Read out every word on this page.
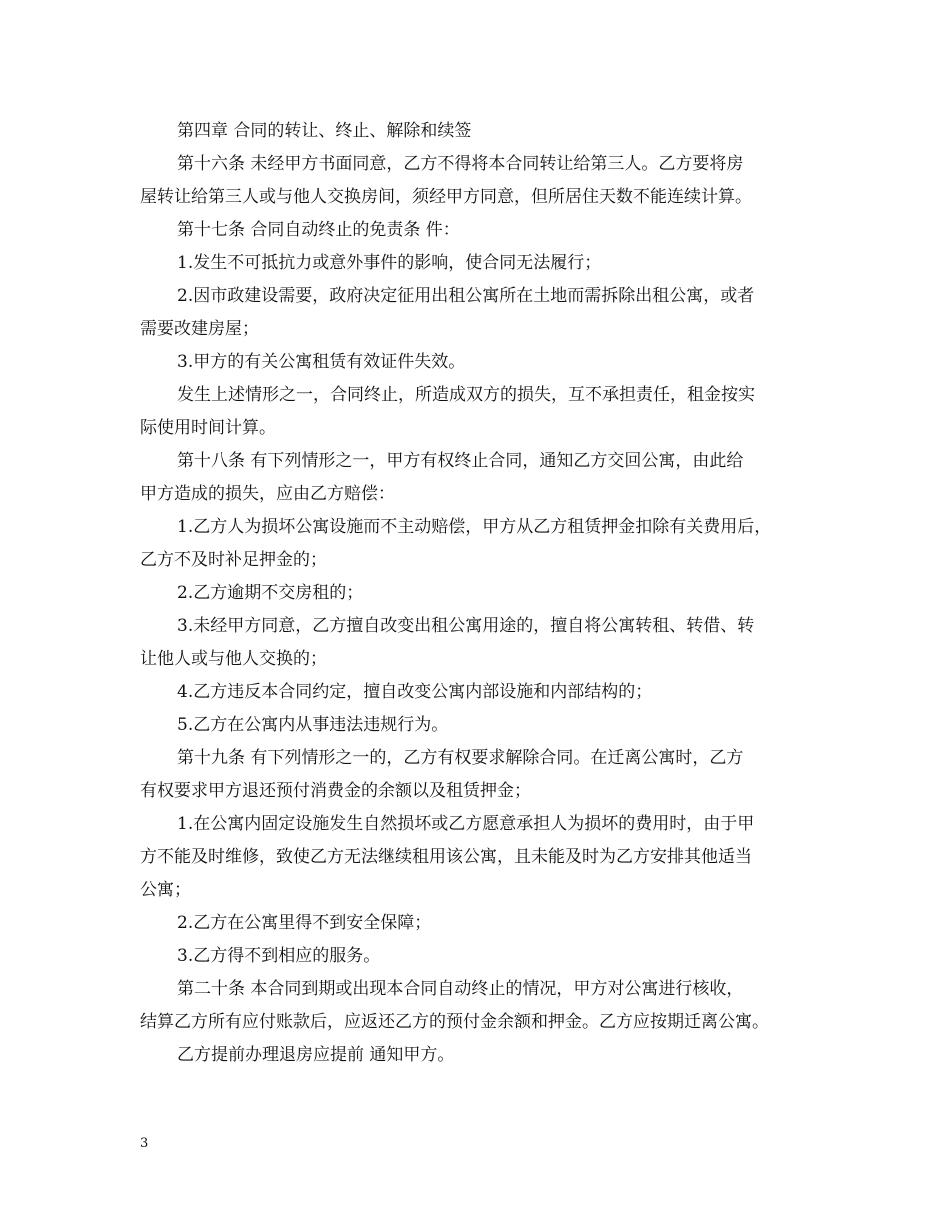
第四章 合同的转让、终止、解除和续签
第十六条 未经甲方书面同意，乙方不得将本合同转让给第三人。乙方要将房
屋转让给第三人或与他人交换房间，须经甲方同意，但所居住天数不能连续计算。
第十七条 合同自动终止的免责条 件：
1.发生不可抵抗力或意外事件的影响，使合同无法履行；
2.因市政建设需要，政府决定征用出租公寓所在土地而需拆除出租公寓，或者
需要改建房屋；
3.甲方的有关公寓租赁有效证件失效。
发生上述情形之一，合同终止，所造成双方的损失，互不承担责任，租金按实
际使用时间计算。
第十八条 有下列情形之一，甲方有权终止合同，通知乙方交回公寓，由此给
甲方造成的损失，应由乙方赔偿：
1.乙方人为损坏公寓设施而不主动赔偿，甲方从乙方租赁押金扣除有关费用后，
乙方不及时补足押金的；
2.乙方逾期不交房租的；
3.未经甲方同意，乙方擅自改变出租公寓用途的，擅自将公寓转租、转借、转
让他人或与他人交换的；
4.乙方违反本合同约定，擅自改变公寓内部设施和内部结构的；
5.乙方在公寓内从事违法违规行为。
第十九条 有下列情形之一的，乙方有权要求解除合同。在迁离公寓时，乙方
有权要求甲方退还预付消费金的余额以及租赁押金；
1.在公寓内固定设施发生自然损坏或乙方愿意承担人为损坏的费用时，由于甲
方不能及时维修，致使乙方无法继续租用该公寓，且未能及时为乙方安排其他适当
公寓；
2.乙方在公寓里得不到安全保障；
3.乙方得不到相应的服务。
第二十条 本合同到期或出现本合同自动终止的情况，甲方对公寓进行核收，
结算乙方所有应付账款后，应返还乙方的预付金余额和押金。乙方应按期迁离公寓。
乙方提前办理退房应提前 通知甲方。
3
